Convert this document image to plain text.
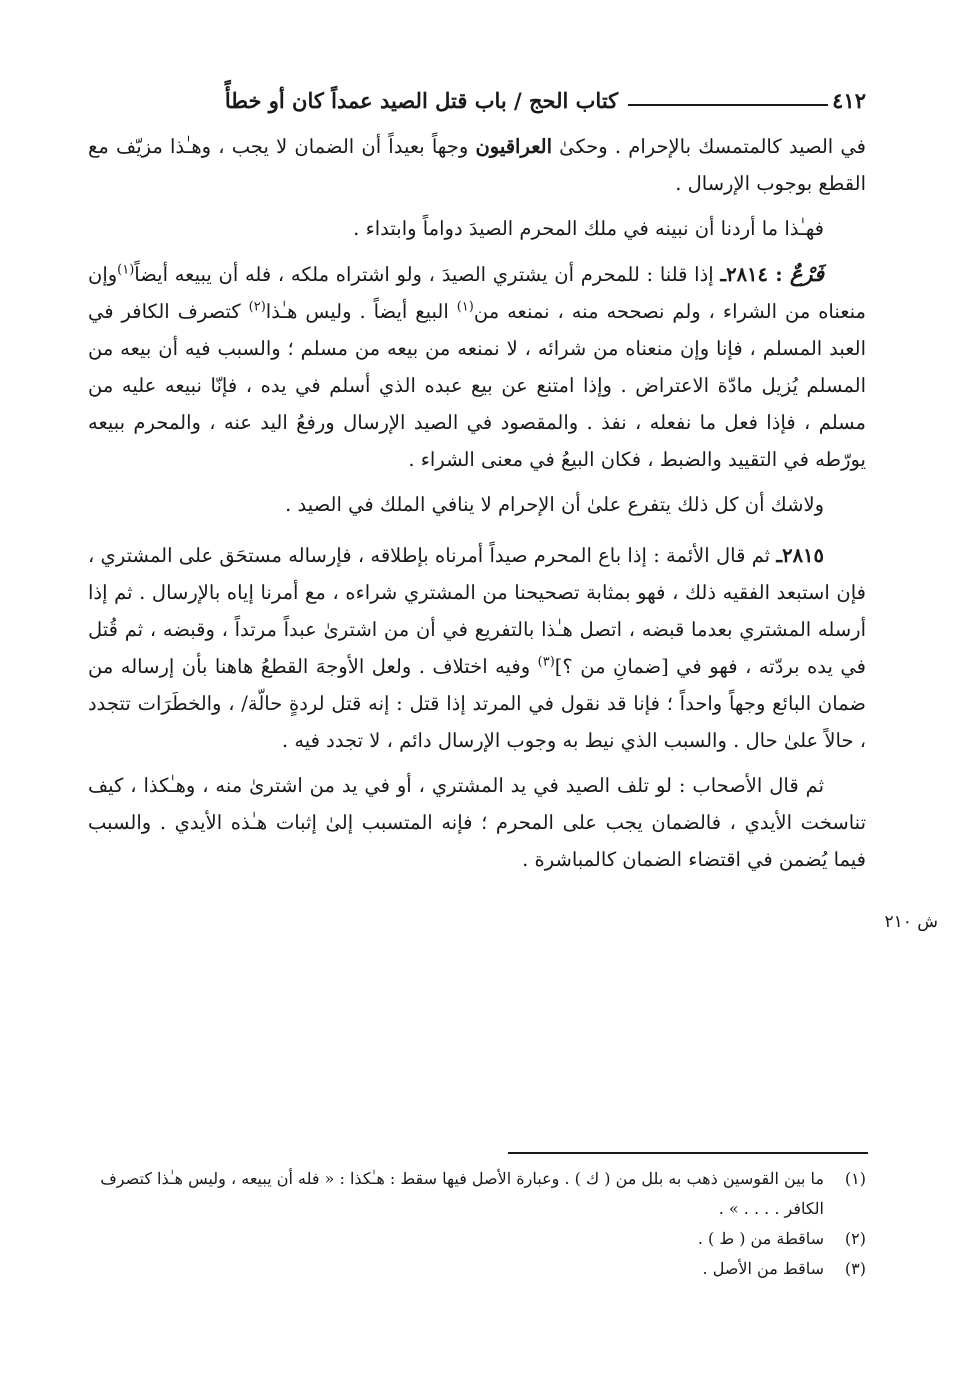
٤١٢
كتاب الحج / باب قتل الصيد عمداً كان أو خطأً

في الصيد كالمتمسك بالإحرام . وحكىٰ العراقيون وجهاً بعيداً أن الضمان لا يجب ، وهـٰذا مزيّف مع القطع بوجوب الإرسال .

فهـٰذا ما أردنا أن نبينه في ملك المحرم الصيدَ دواماً وابتداء .

فَرْعٌ : ٢٨١٤ـ إذا قلنا : للمحرم أن يشتري الصيدَ ، ولو اشتراه ملكه ، فله أن يبيعه أيضاً$^{(١)}$وإن منعناه من الشراء ، ولم نصححه منه ، نمنعه من$^{(١)}$ البيع أيضاً . وليس هـٰذا$^{(٢)}$ كتصرف الكافر في العبد المسلم ، فإنا وإن منعناه من شرائه ، لا نمنعه من بيعه من مسلم ؛ والسبب فيه أن بيعه من المسلم يُزيل مادّة الاعتراض . وإذا امتنع عن بيع عبده الذي أسلم في يده ، فإنّا نبيعه عليه من مسلم ، فإذا فعل ما نفعله ، نفذ . والمقصود في الصيد الإرسال ورفعُ اليد عنه ، والمحرم ببيعه يورّطه في التقييد والضبط ، فكان البيعُ في معنى الشراء .

ولاشك أن كل ذلك يتفرع علىٰ أن الإحرام لا ينافي الملك في الصيد .

٢٨١٥ـ ثم قال الأئمة : إذا باع المحرم صيداً أمرناه بإطلاقه ، فإرساله مستحَق على المشتري ، فإن استبعد الفقيه ذلك ، فهو بمثابة تصحيحنا من المشتري شراءه ، مع أمرنا إياه بالإرسال . ثم إذا أرسله المشتري بعدما قبضه ، اتصل هـٰذا بالتفريع في أن من اشترىٰ عبداً مرتداً ، وقبضه ، ثم قُتل في يده بردّته ، فهو في [ضمانِ من ؟]$^{(٣)}$ وفيه اختلاف . ولعل الأوجهَ القطعُ هاهنا بأن إرساله من ضمان البائع وجهاً واحداً ؛ فإنا قد نقول في المرتد إذا قتل : إنه قتل لردةٍ حالّة/ ، والخطَرَات تتجدد ، حالاً علىٰ حال . والسبب الذي نيط به وجوب الإرسال دائم ، لا تجدد فيه .

ثم قال الأصحاب : لو تلف الصيد في يد المشتري ، أو في يد من اشترىٰ منه ، وهـٰكذا ، كيف تناسخت الأيدي ، فالضمان يجب على المحرم ؛ فإنه المتسبب إلىٰ إثبات هـٰذه الأيدي . والسبب فيما يُضمن في اقتضاء الضمان كالمباشرة .

ش ٢١٠
(١)
ما بين القوسين ذهب به بلل من ( ك ) . وعبارة الأصل فيها سقط : هـٰكذا : « فله أن يبيعه ، وليس هـٰذا كتصرف الكافر . . . . » .
(٢)
ساقطة من ( ط ) .
(٣)
ساقط من الأصل .
